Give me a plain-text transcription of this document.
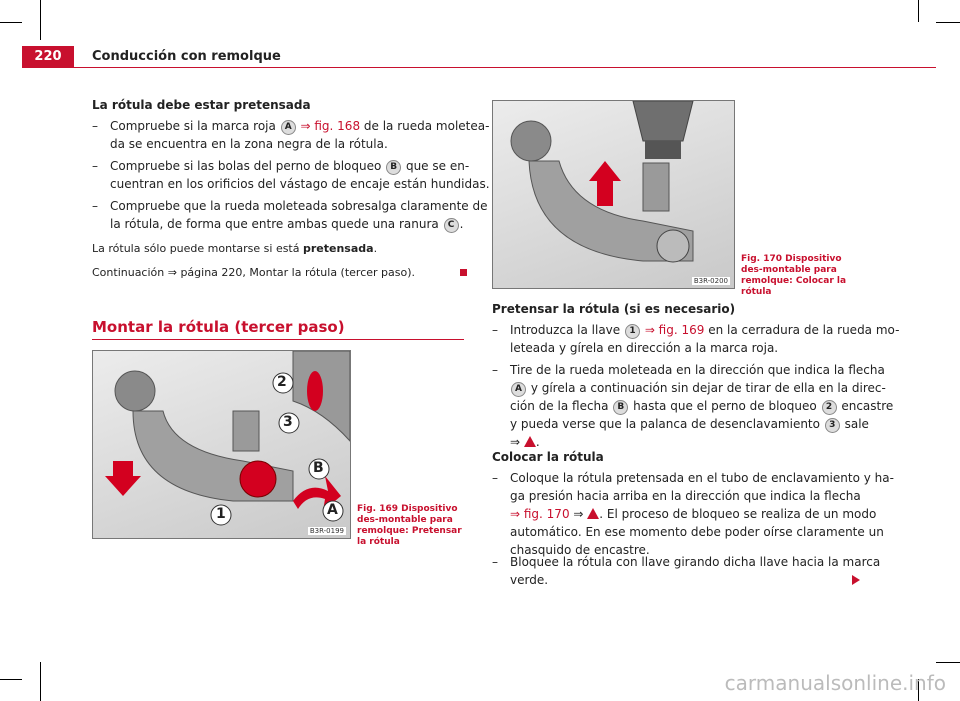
220	Conducción con remolque
La rótula debe estar pretensada
– Compruebe si la marca roja A ⇒ fig. 168 de la rueda moletea-
da se encuentra en la zona negra de la rótula.
– Compruebe si las bolas del perno de bloqueo B que se en-
cuentran en los orificios del vástago de encaje están hundidas.
– Compruebe que la rueda moleteada sobresalga claramente de
la rótula, de forma que entre ambas quede una ranura C .
La rótula sólo puede montarse si está pretensada.
Continuación ⇒ página 220, Montar la rótula (tercer paso).
Montar la rótula (tercer paso)
2
3
B
A
1
B3R-0199
Fig. 169 Dispositivo des-montable para remolque: Pretensar la rótula
B3R-0200
Fig. 170 Dispositivo des-montable para remolque: Colocar la rótula
Pretensar la rótula (si es necesario)
– Introduzca la llave 1 ⇒ fig. 169 en la cerradura de la rueda mo-
leteada y gírela en dirección a la marca roja.
– Tire de la rueda moleteada en la dirección que indica la flecha
A y gírela a continuación sin dejar de tirar de ella en la direc-
ción de la flecha B hasta que el perno de bloqueo 2 encastre
y pueda verse que la palanca de desenclavamiento 3 sale
⇒ .
Colocar la rótula
– Coloque la rótula pretensada en el tubo de enclavamiento y ha-
ga presión hacia arriba en la dirección que indica la flecha
⇒ fig. 170 ⇒ . El proceso de bloqueo se realiza de un modo
automático. En ese momento debe poder oírse claramente un
chasquido de encastre.
– Bloquee la rótula con llave girando dicha llave hacia la marca
verde.
carmanualsonline.info
